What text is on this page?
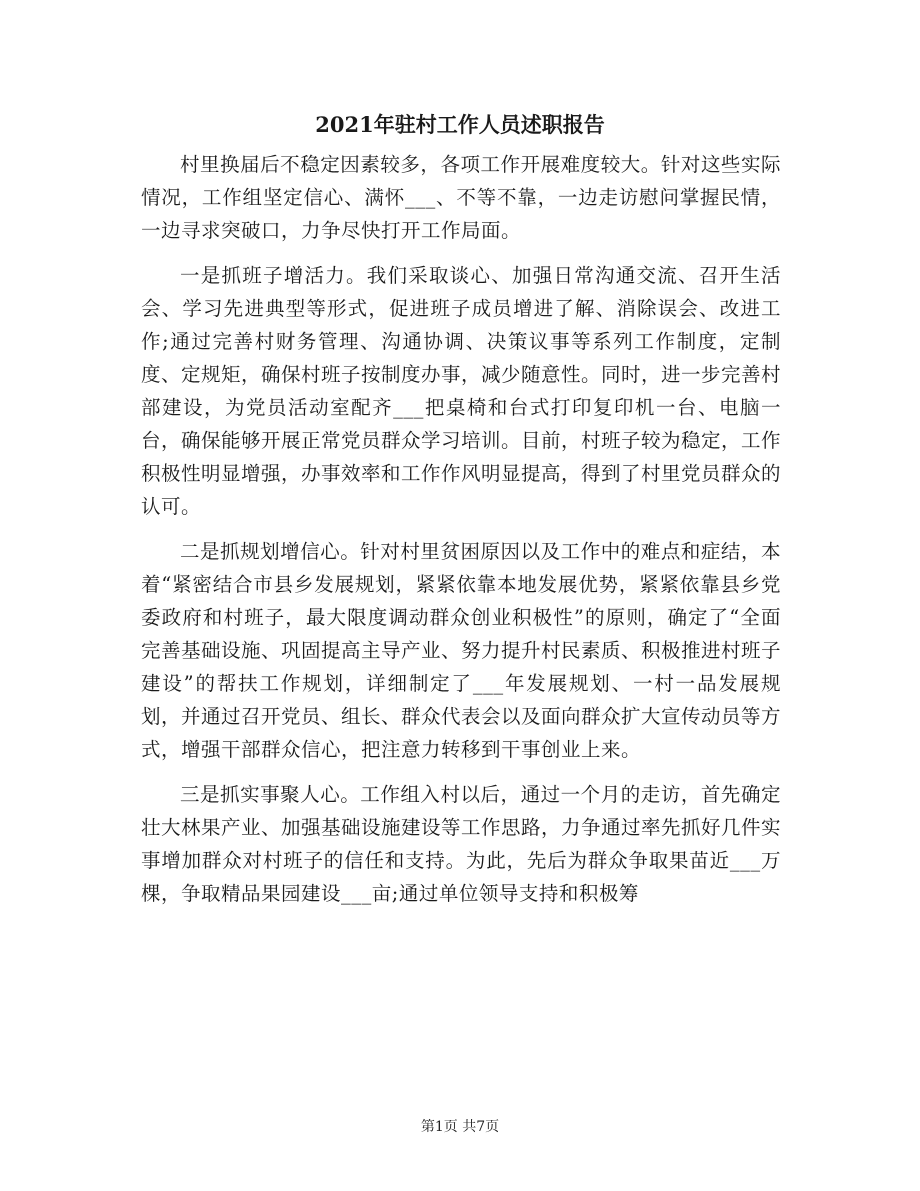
2021年驻村工作人员述职报告

村里换届后不稳定因素较多，各项工作开展难度较大。针对这些实际情况，工作组坚定信心、满怀___、不等不靠，一边走访慰问掌握民情，一边寻求突破口，力争尽快打开工作局面。

一是抓班子增活力。我们采取谈心、加强日常沟通交流、召开生活会、学习先进典型等形式，促进班子成员增进了解、消除误会、改进工作;通过完善村财务管理、沟通协调、决策议事等系列工作制度，定制度、定规矩，确保村班子按制度办事，减少随意性。同时，进一步完善村部建设，为党员活动室配齐___把桌椅和台式打印复印机一台、电脑一台，确保能够开展正常党员群众学习培训。目前，村班子较为稳定，工作积极性明显增强，办事效率和工作作风明显提高，得到了村里党员群众的认可。

二是抓规划增信心。针对村里贫困原因以及工作中的难点和症结，本着“紧密结合市县乡发展规划，紧紧依靠本地发展优势，紧紧依靠县乡党委政府和村班子，最大限度调动群众创业积极性”的原则，确定了“全面完善基础设施、巩固提高主导产业、努力提升村民素质、积极推进村班子建设”的帮扶工作规划，详细制定了___年发展规划、一村一品发展规划，并通过召开党员、组长、群众代表会以及面向群众扩大宣传动员等方式，增强干部群众信心，把注意力转移到干事创业上来。

三是抓实事聚人心。工作组入村以后，通过一个月的走访，首先确定壮大林果产业、加强基础设施建设等工作思路，力争通过率先抓好几件实事增加群众对村班子的信任和支持。为此，先后为群众争取果苗近___万棵，争取精品果园建设___亩;通过单位领导支持和积极筹

第1页 共7页
